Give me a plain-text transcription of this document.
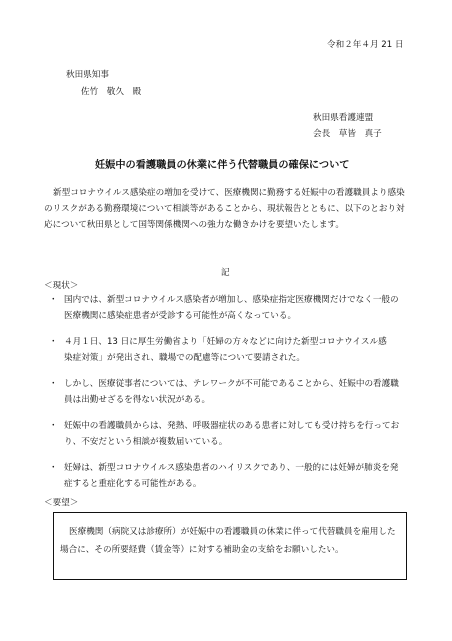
令和２年４月 21 日
秋田県知事
佐竹　敬久　殿
秋田県看護連盟
会長　草皆　真子
妊娠中の看護職員の休業に伴う代替職員の確保について
新型コロナウイルス感染症の増加を受けて、医療機関に勤務する妊娠中の看護職員より感染のリスクがある勤務環境について相談等があることから、現状報告とともに、以下のとおり対応について秋田県として国等関係機関への強力な働きかけを要望いたします。
記
＜現状＞
・ 国内では、新型コロナウイルス感染者が増加し、感染症指定医療機関だけでなく一般の医療機関に感染症患者が受診する可能性が高くなっている。
・ ４月１日、13 日に厚生労働省より「妊婦の方々などに向けた新型コロナウイスル感染症対策」が発出され、職場での配慮等について要請された。
・ しかし、医療従事者については、テレワークが不可能であることから、妊娠中の看護職員は出勤せざるを得ない状況がある。
・ 妊娠中の看護職員からは、発熱、呼吸器症状のある患者に対しても受け持ちを行っており、不安だという相談が複数届いている。
・ 妊婦は、新型コロナウイルス感染患者のハイリスクであり、一般的には妊婦が肺炎を発症すると重症化する可能性がある。
＜要望＞
医療機関（病院又は診療所）が妊娠中の看護職員の休業に伴って代替職員を雇用した場合に、その所要経費（賃金等）に対する補助金の支給をお願いしたい。
